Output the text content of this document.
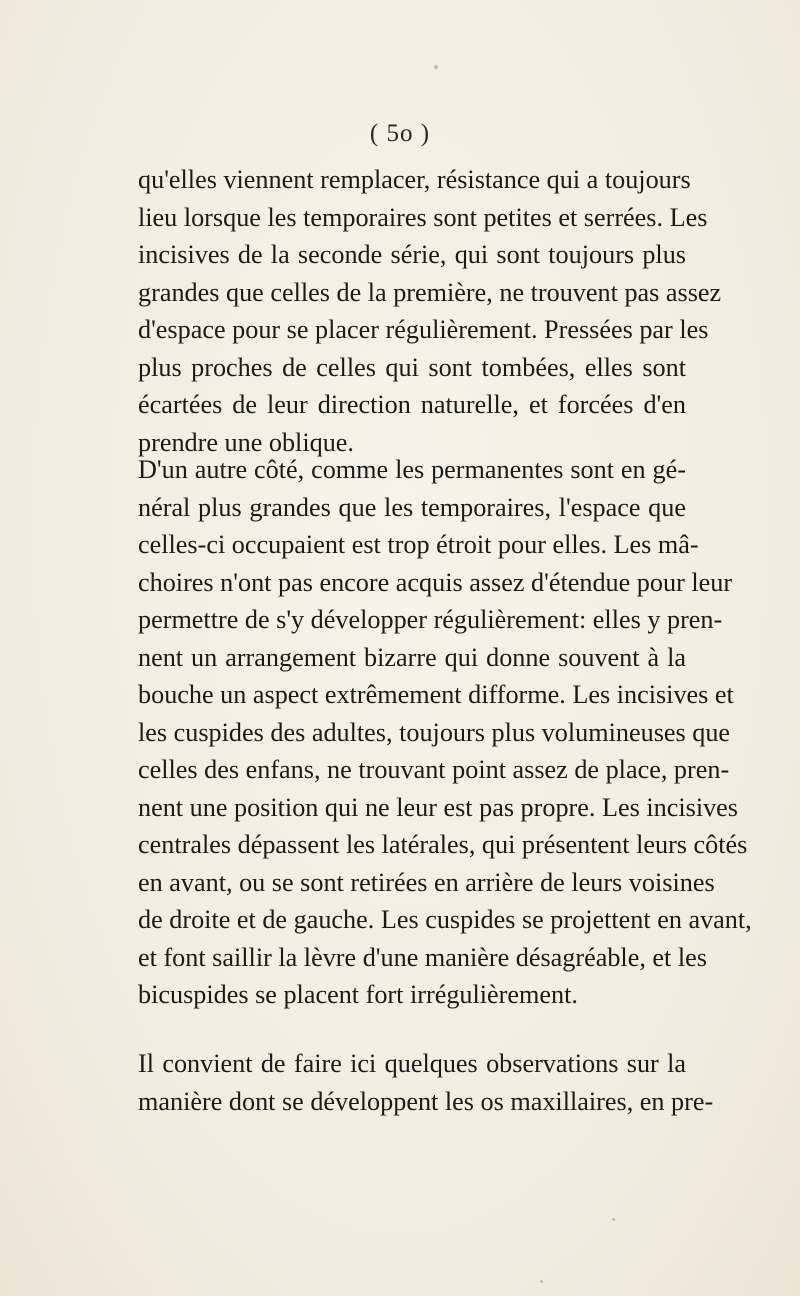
( 5o )
qu'elles viennent remplacer, résistance qui a toujours
lieu lorsque les temporaires sont petites et serrées. Les
incisives de la seconde série, qui sont toujours plus
grandes que celles de la première, ne trouvent pas assez
d'espace pour se placer régulièrement. Pressées par les
plus proches de celles qui sont tombées, elles sont
écartées de leur direction naturelle, et forcées d'en
prendre une oblique.
D'un autre côté, comme les permanentes sont en gé-
néral plus grandes que les temporaires, l'espace que
celles-ci occupaient est trop étroit pour elles. Les mâ-
choires n'ont pas encore acquis assez d'étendue pour leur
permettre de s'y développer régulièrement: elles y pren-
nent un arrangement bizarre qui donne souvent à la
bouche un aspect extrêmement difforme. Les incisives et
les cuspides des adultes, toujours plus volumineuses que
celles des enfans, ne trouvant point assez de place, pren-
nent une position qui ne leur est pas propre. Les incisives
centrales dépassent les latérales, qui présentent leurs côtés
en avant, ou se sont retirées en arrière de leurs voisines
de droite et de gauche. Les cuspides se projettent en avant,
et font saillir la lèvre d'une manière désagréable, et les
bicuspides se placent fort irrégulièrement.
Il convient de faire ici quelques observations sur la
manière dont se développent les os maxillaires, en pre-
